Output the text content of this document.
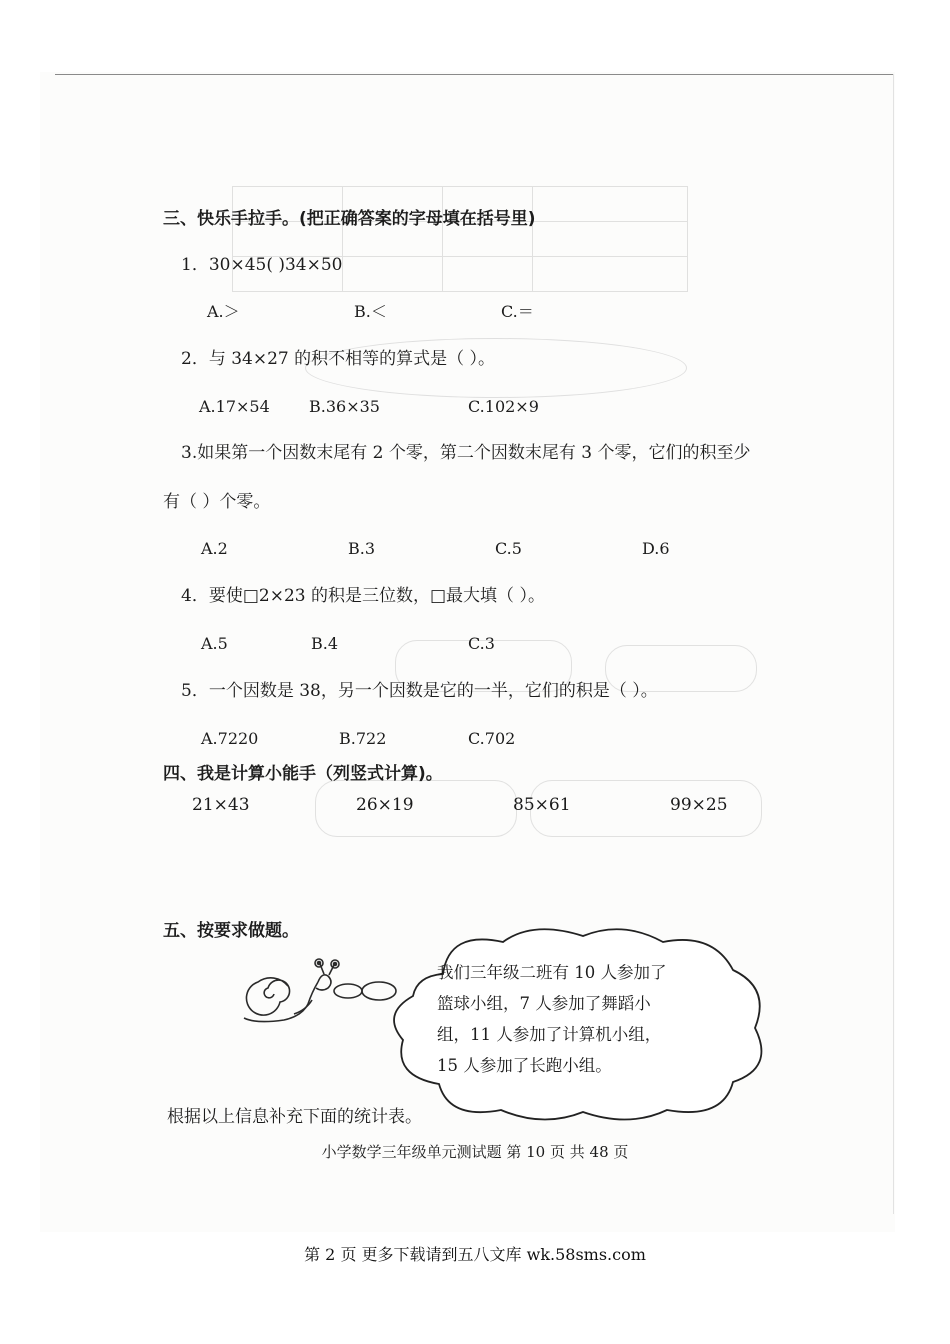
三、快乐手拉手。(把正确答案的字母填在括号里)
1．30×45( )34×50
A.＞	B.＜	C.＝
2．与 34×27 的积不相等的算式是（ ）。
A.17×54 B.36×35	C.102×9
3.如果第一个因数末尾有 2 个零，第二个因数末尾有 3 个零，它们的积至少
有（ ）个零。
A.2	B.3	C.5	D.6
4．要使□2×23 的积是三位数，□最大填（ ）。
A.5	B.4	C.3
5．一个因数是 38，另一个因数是它的一半，它们的积是（ ）。
A.7220	B.722	C.702
四、我是计算小能手（列竖式计算)。
21×43	26×19	85×61	99×25
五、按要求做题。
我们三年级二班有 10 人参加了
篮球小组，7 人参加了舞蹈小
组，11 人参加了计算机小组，
15 人参加了长跑小组。
根据以上信息补充下面的统计表。
小学数学三年级单元测试题 第 10 页 共 48 页
第 2 页 更多下载请到五八文库 wk.58sms.com
